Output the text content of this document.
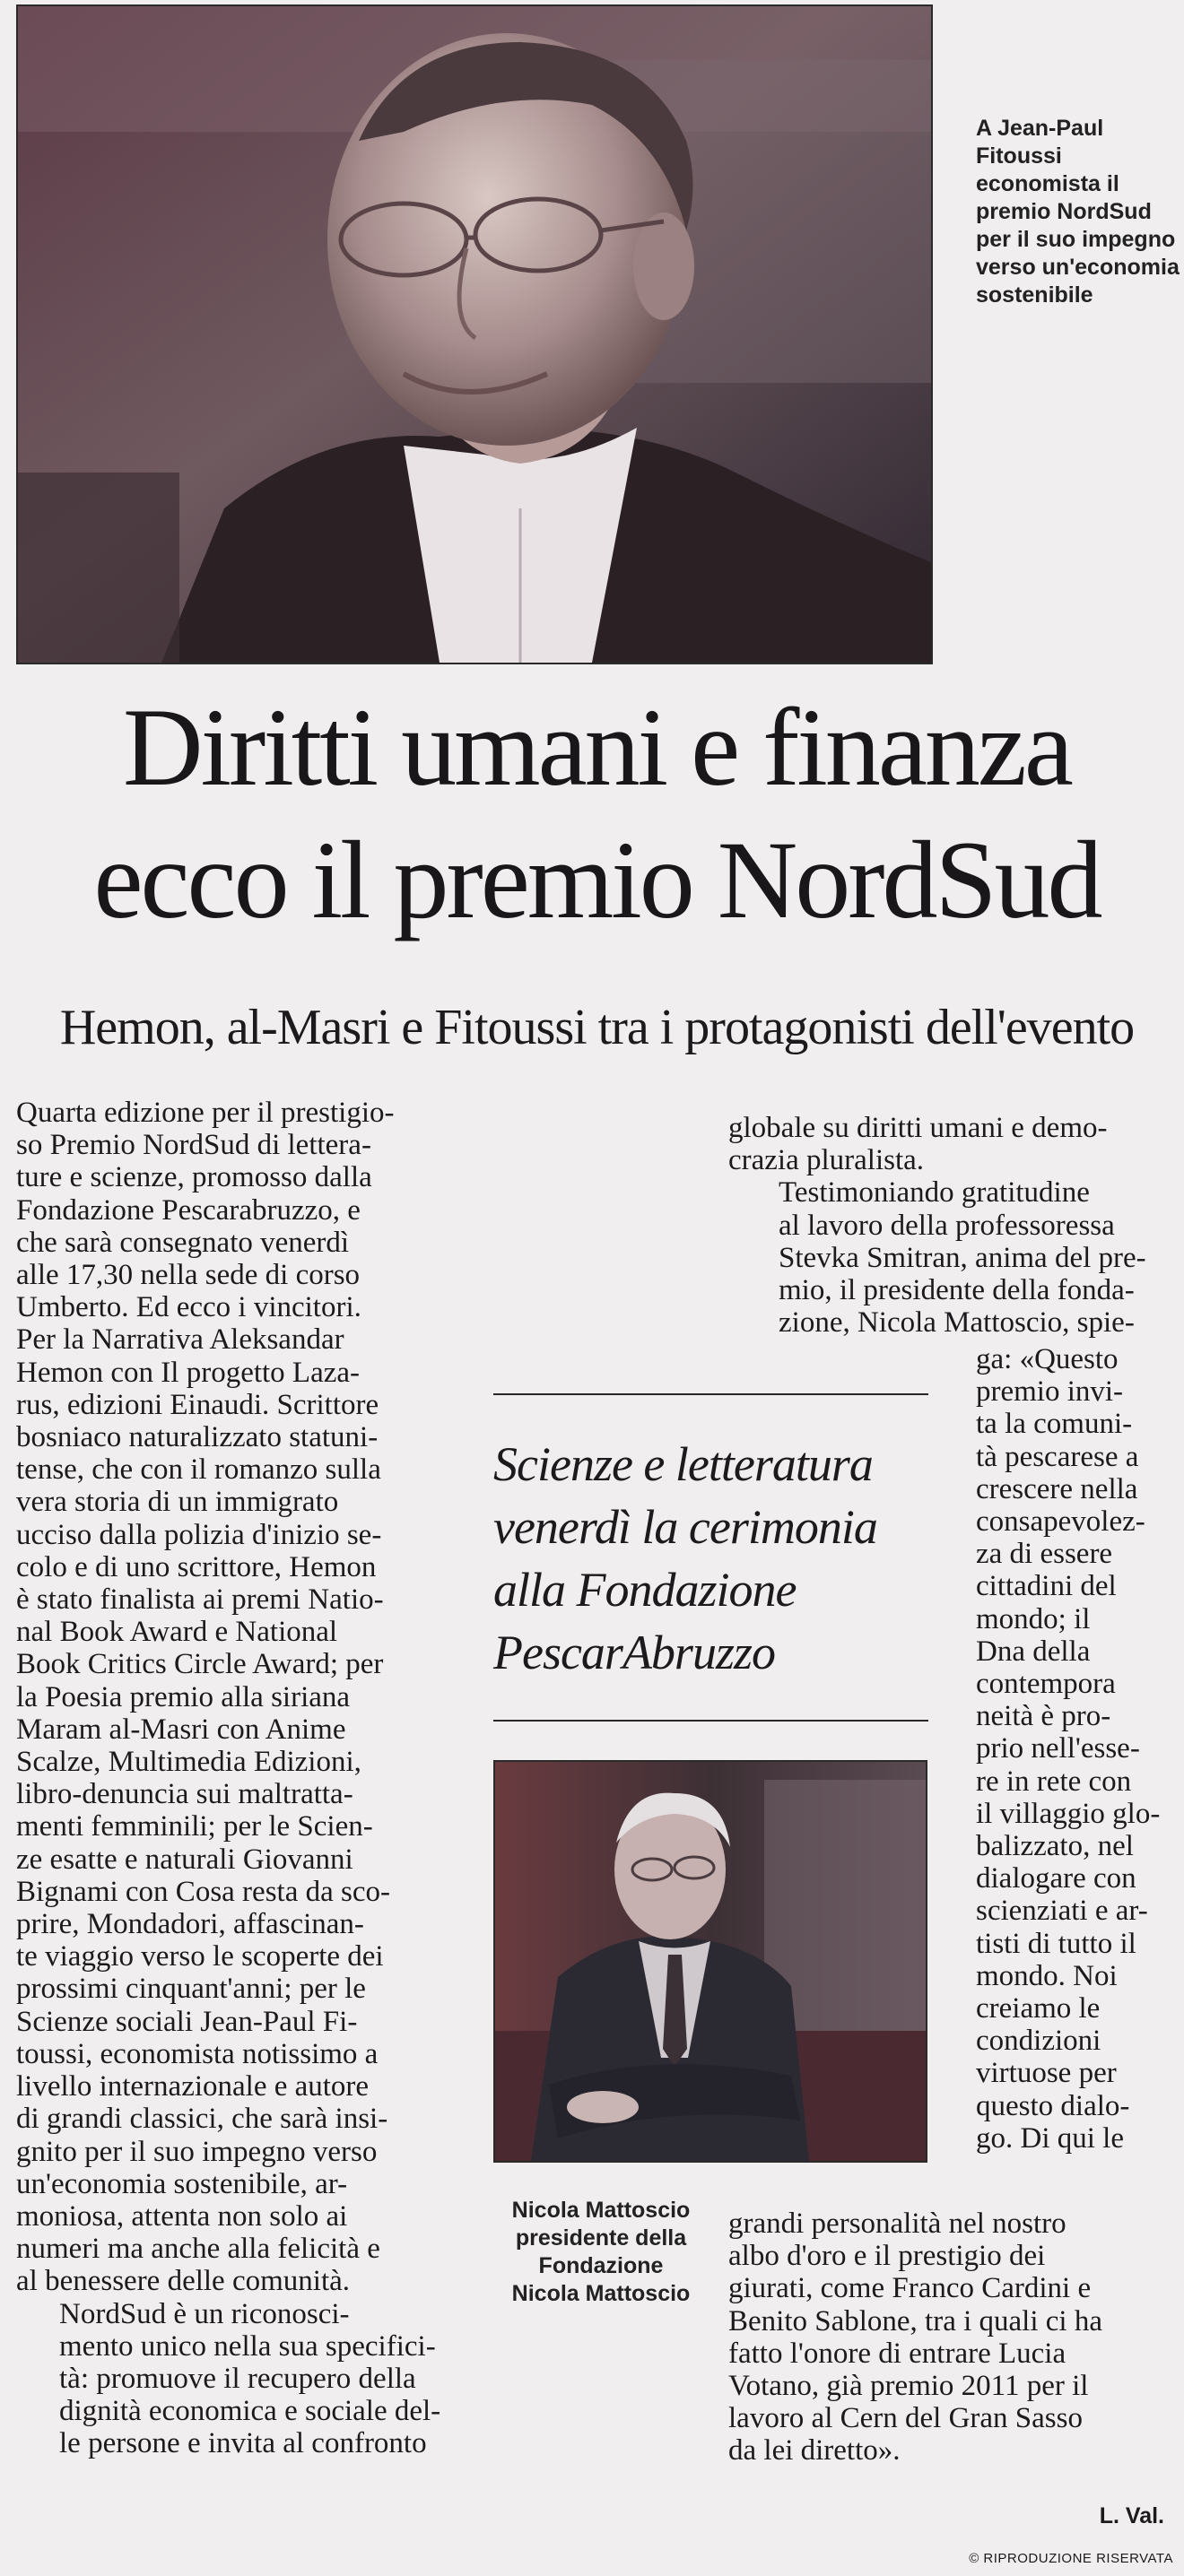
A Jean-Paul Fitoussi economista il premio NordSud per il suo impegno verso un'economia sostenibile
Diritti umani e finanza
ecco il premio NordSud
Hemon, al-Masri e Fitoussi tra i protagonisti dell'evento

Quarta edizione per il prestigio-
so Premio NordSud di lettera-
ture e scienze, promosso dalla
Fondazione Pescarabruzzo, e
che sarà consegnato venerdì
alle 17,30 nella sede di corso
Umberto. Ed ecco i vincitori.
Per la Narrativa Aleksandar
Hemon con Il progetto Laza-
rus, edizioni Einaudi. Scrittore
bosniaco naturalizzato statuni-
tense, che con il romanzo sulla
vera storia di un immigrato
ucciso dalla polizia d'inizio se-
colo e di uno scrittore, Hemon
è stato finalista ai premi Natio-
nal Book Award e National
Book Critics Circle Award; per
la Poesia premio alla siriana
Maram al-Masri con Anime
Scalze, Multimedia Edizioni,
libro-denuncia sui maltratta-
menti femminili; per le Scien-
ze esatte e naturali Giovanni
Bignami con Cosa resta da sco-
prire, Mondadori, affascinan-
te viaggio verso le scoperte dei
prossimi cinquant'anni; per le
Scienze sociali Jean-Paul Fi-
toussi, economista notissimo a
livello internazionale e autore
di grandi classici, che sarà insi-
gnito per il suo impegno verso
un'economia sostenibile, ar-
moniosa, attenta non solo ai
numeri ma anche alla felicità e
al benessere delle comunità.

NordSud è un riconosci-
mento unico nella sua specifici-
tà: promuove il recupero della
dignità economica e sociale del-
le persone e invita al confronto

globale su diritti umani e demo-
crazia pluralista.

Testimoniando gratitudine
al lavoro della professoressa
Stevka Smitran, anima del pre-
mio, il presidente della fonda-
zione, Nicola Mattoscio, spie-

ga: «Questo
premio invi-
ta la comuni-
tà pescarese a
crescere nella
consapevolez-
za di essere
cittadini del
mondo; il
Dna della
contempora
neità è pro-
prio nell'esse-
re in rete con
il villaggio glo-
balizzato, nel
dialogare con
scienziati e ar-
tisti di tutto il
mondo. Noi
creiamo le
condizioni
virtuose per
questo dialo-
go. Di qui le

grandi personalità nel nostro
albo d'oro e il prestigio dei
giurati, come Franco Cardini e
Benito Sablone, tra i quali ci ha
fatto l'onore di entrare Lucia
Votano, già premio 2011 per il
lavoro al Cern del Gran Sasso
da lei diretto».

Scienze e letteratura
venerdì la cerimonia
alla Fondazione
PescarAbruzzo
Nicola Mattoscio presidente della Fondazione Nicola Mattoscio
L. Val.
© RIPRODUZIONE RISERVATA
